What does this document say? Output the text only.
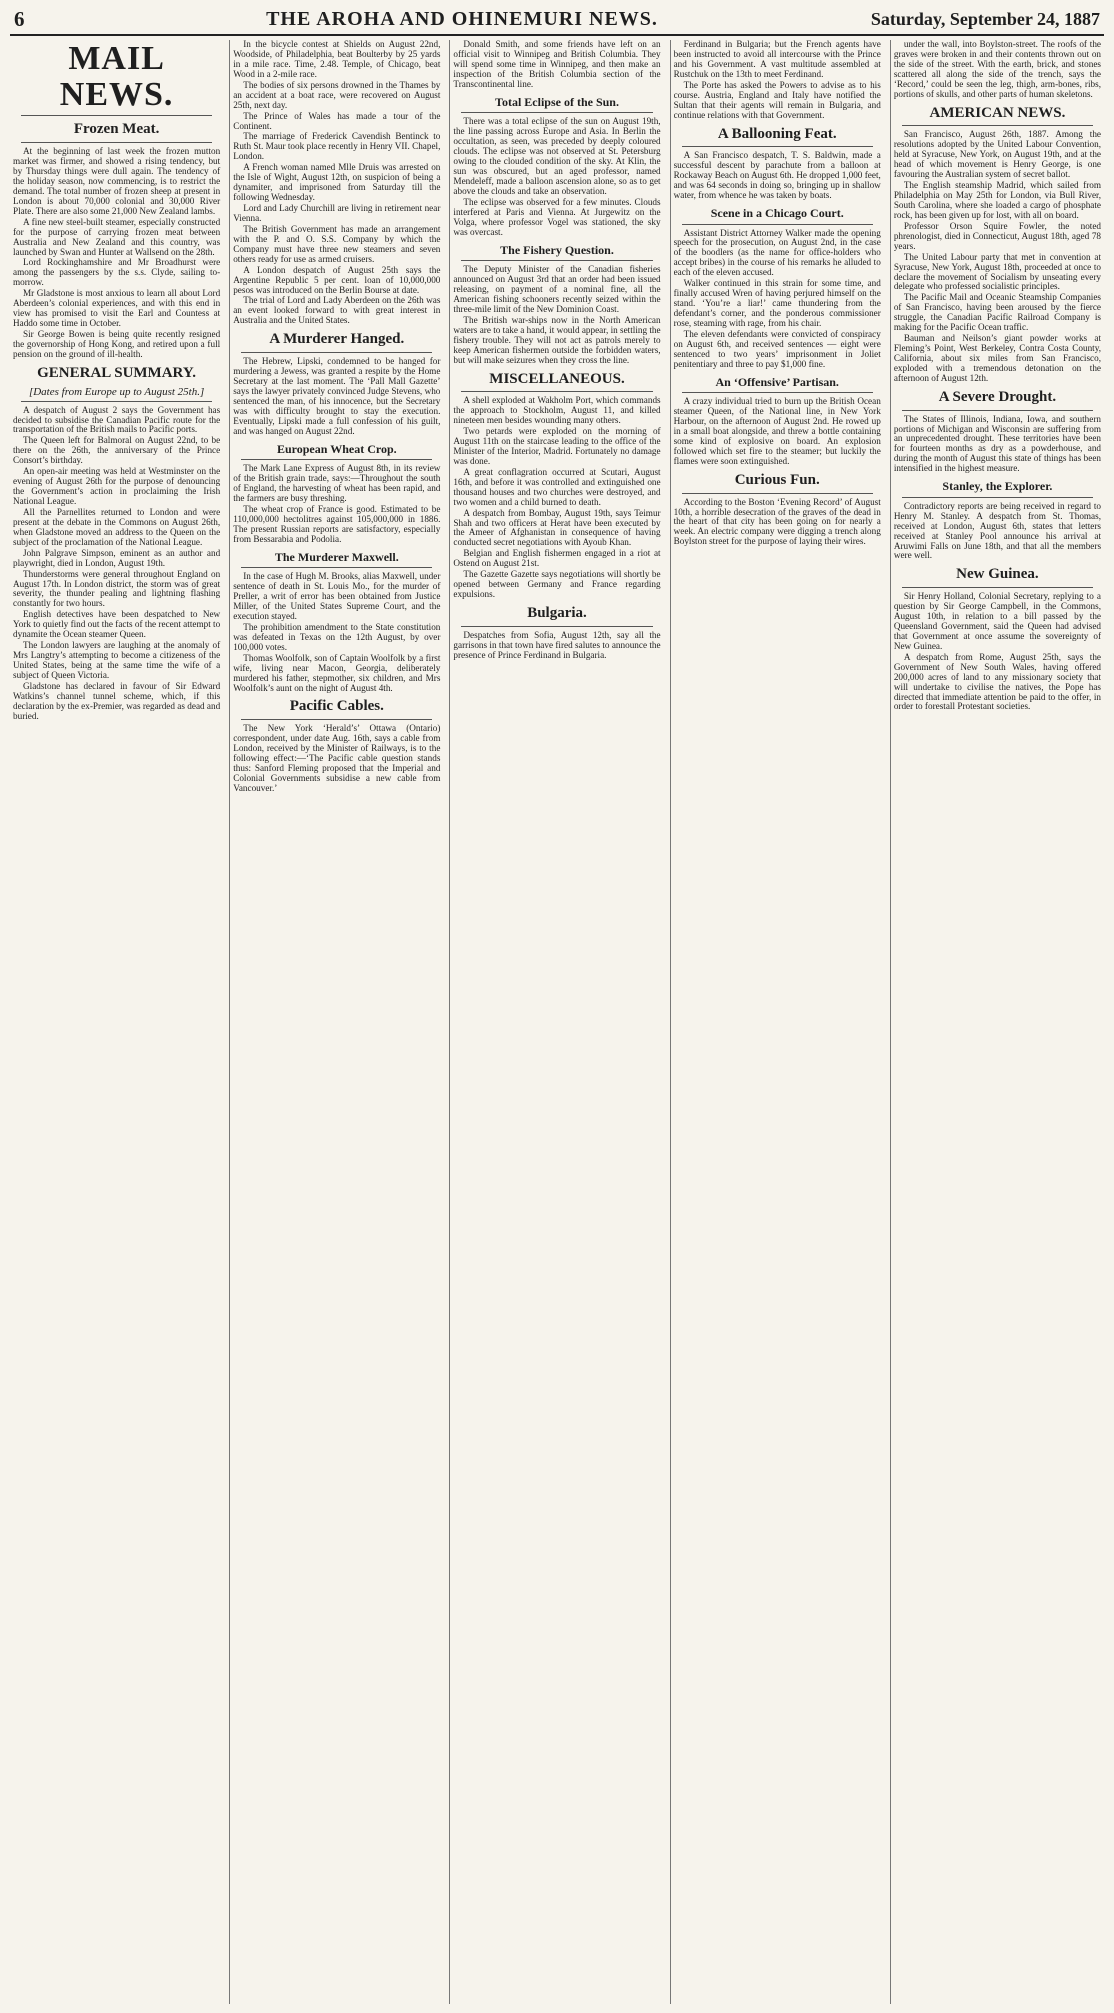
6	THE AROHA AND OHINEMURI NEWS.	Saturday, September 24, 1887
MAIL NEWS.
Frozen Meat.

At the beginning of last week the frozen mutton market was firmer, and showed a rising tendency, but by Thursday things were dull again. The tendency of the holiday season, now commencing, is to restrict the demand. The total number of frozen sheep at present in London is about 70,000 colonial and 30,000 River Plate. There are also some 21,000 New Zealand lambs.

A fine new steel-built steamer, especially constructed for the purpose of carrying frozen meat between Australia and New Zealand and this country, was launched by Swan and Hunter at Wallsend on the 28th.

Lord Rockinghamshire and Mr Broadhurst were among the passengers by the s.s. Clyde, sailing to-morrow.

Mr Gladstone is most anxious to learn all about Lord Aberdeen’s colonial experiences, and with this end in view has promised to visit the Earl and Countess at Haddo some time in October.

Sir George Bowen is being quite recently resigned the governorship of Hong Kong, and retired upon a full pension on the ground of ill-health.

GENERAL SUMMARY.
[Dates from Europe up to August 25th.]

A despatch of August 2 says the Government has decided to subsidise the Canadian Pacific route for the transportation of the British mails to Pacific ports.

The Queen left for Balmoral on August 22nd, to be there on the 26th, the anniversary of the Prince Consort’s birthday.

An open-air meeting was held at Westminster on the evening of August 26th for the purpose of denouncing the Government’s action in proclaiming the Irish National League.

All the Parnellites returned to London and were present at the debate in the Commons on August 26th, when Gladstone moved an address to the Queen on the subject of the proclamation of the National League.

John Palgrave Simpson, eminent as an author and playwright, died in London, August 19th.

Thunderstorms were general throughout England on August 17th. In London district, the storm was of great severity, the thunder pealing and lightning flashing constantly for two hours.

English detectives have been despatched to New York to quietly find out the facts of the recent attempt to dynamite the Ocean steamer Queen.

The London lawyers are laughing at the anomaly of Mrs Langtry’s attempting to become a citizeness of the United States, being at the same time the wife of a subject of Queen Victoria.

Gladstone has declared in favour of Sir Edward Watkins’s channel tunnel scheme, which, if this declaration by the ex-Premier, was regarded as dead and buried.

In the bicycle contest at Shields on August 22nd, Woodside, of Philadelphia, beat Boulterby by 25 yards in a mile race. Time, 2.48. Temple, of Chicago, beat Wood in a 2-mile race.

The bodies of six persons drowned in the Thames by an accident at a boat race, were recovered on August 25th, next day.

The Prince of Wales has made a tour of the Continent.

The marriage of Frederick Cavendish Bentinck to Ruth St. Maur took place recently in Henry VII. Chapel, London.

A French woman named Mlle Druis was arrested on the Isle of Wight, August 12th, on suspicion of being a dynamiter, and imprisoned from Saturday till the following Wednesday.

Lord and Lady Churchill are living in retirement near Vienna.

The British Government has made an arrangement with the P. and O. S.S. Company by which the Company must have three new steamers and seven others ready for use as armed cruisers.

A London despatch of August 25th says the Argentine Republic 5 per cent. loan of 10,000,000 pesos was introduced on the Berlin Bourse at date.

The trial of Lord and Lady Aberdeen on the 26th was an event looked forward to with great interest in Australia and the United States.

A Murderer Hanged.

The Hebrew, Lipski, condemned to be hanged for murdering a Jewess, was granted a respite by the Home Secretary at the last moment. The ‘Pall Mall Gazette’ says the lawyer privately convinced Judge Stevens, who sentenced the man, of his innocence, but the Secretary was with difficulty brought to stay the execution. Eventually, Lipski made a full confession of his guilt, and was hanged on August 22nd.

European Wheat Crop.

The Mark Lane Express of August 8th, in its review of the British grain trade, says:—Throughout the south of England, the harvesting of wheat has been rapid, and the farmers are busy threshing.

The wheat crop of France is good. Estimated to be 110,000,000 hectolitres against 105,000,000 in 1886. The present Russian reports are satisfactory, especially from Bessarabia and Podolia.

The Murderer Maxwell.

In the case of Hugh M. Brooks, alias Maxwell, under sentence of death in St. Louis Mo., for the murder of Preller, a writ of error has been obtained from Justice Miller, of the United States Supreme Court, and the execution stayed.

The prohibition amendment to the State constitution was defeated in Texas on the 12th August, by over 100,000 votes.

Thomas Woolfolk, son of Captain Woolfolk by a first wife, living near Macon, Georgia, deliberately murdered his father, stepmother, six children, and Mrs Woolfolk’s aunt on the night of August 4th.

Pacific Cables.

The New York ‘Herald’s’ Ottawa (Ontario) correspondent, under date Aug. 16th, says a cable from London, received by the Minister of Railways, is to the following effect:—‘The Pacific cable question stands thus: Sanford Fleming proposed that the Imperial and Colonial Governments subsidise a new cable from Vancouver.’

Donald Smith, and some friends have left on an official visit to Winnipeg and British Columbia. They will spend some time in Winnipeg, and then make an inspection of the British Columbia section of the Transcontinental line.

Total Eclipse of the Sun.

There was a total eclipse of the sun on August 19th, the line passing across Europe and Asia. In Berlin the occultation, as seen, was preceded by deeply coloured clouds. The eclipse was not observed at St. Petersburg owing to the clouded condition of the sky. At Klin, the sun was obscured, but an aged professor, named Mendeleff, made a balloon ascension alone, so as to get above the clouds and take an observation.

The eclipse was observed for a few minutes. Clouds interfered at Paris and Vienna. At Jurgewitz on the Volga, where professor Vogel was stationed, the sky was overcast.

The Fishery Question.

The Deputy Minister of the Canadian fisheries announced on August 3rd that an order had been issued releasing, on payment of a nominal fine, all the American fishing schooners recently seized within the three-mile limit of the New Dominion Coast.

The British war-ships now in the North American waters are to take a hand, it would appear, in settling the fishery trouble. They will not act as patrols merely to keep American fishermen outside the forbidden waters, but will make seizures when they cross the line.

MISCELLANEOUS.

A shell exploded at Wakholm Port, which commands the approach to Stockholm, August 11, and killed nineteen men besides wounding many others.

Two petards were exploded on the morning of August 11th on the staircase leading to the office of the Minister of the Interior, Madrid. Fortunately no damage was done.

A great conflagration occurred at Scutari, August 16th, and before it was controlled and extinguished one thousand houses and two churches were destroyed, and two women and a child burned to death.

A despatch from Bombay, August 19th, says Teimur Shah and two officers at Herat have been executed by the Ameer of Afghanistan in consequence of having conducted secret negotiations with Ayoub Khan.

Belgian and English fishermen engaged in a riot at Ostend on August 21st.

The Gazette Gazette says negotiations will shortly be opened between Germany and France regarding expulsions.

Bulgaria.

Despatches from Sofia, August 12th, say all the garrisons in that town have fired salutes to announce the presence of Prince Ferdinand in Bulgaria.

Ferdinand in Bulgaria; but the French agents have been instructed to avoid all intercourse with the Prince and his Government. A vast multitude assembled at Rustchuk on the 13th to meet Ferdinand.

The Porte has asked the Powers to advise as to his course. Austria, England and Italy have notified the Sultan that their agents will remain in Bulgaria, and continue relations with that Government.

A Ballooning Feat.

A San Francisco despatch, T. S. Baldwin, made a successful descent by parachute from a balloon at Rockaway Beach on August 6th. He dropped 1,000 feet, and was 64 seconds in doing so, bringing up in shallow water, from whence he was taken by boats.

Scene in a Chicago Court.

Assistant District Attorney Walker made the opening speech for the prosecution, on August 2nd, in the case of the boodlers (as the name for office-holders who accept bribes) in the course of his remarks he alluded to each of the eleven accused.

Walker continued in this strain for some time, and finally accused Wren of having perjured himself on the stand. ‘You’re a liar!’ came thundering from the defendant’s corner, and the ponderous commissioner rose, steaming with rage, from his chair.

The eleven defendants were convicted of conspiracy on August 6th, and received sentences — eight were sentenced to two years’ imprisonment in Joliet penitentiary and three to pay $1,000 fine.

An ‘Offensive’ Partisan.

A crazy individual tried to burn up the British Ocean steamer Queen, of the National line, in New York Harbour, on the afternoon of August 2nd. He rowed up in a small boat alongside, and threw a bottle containing some kind of explosive on board. An explosion followed which set fire to the steamer; but luckily the flames were soon extinguished.

Curious Fun.

According to the Boston ‘Evening Record’ of August 10th, a horrible desecration of the graves of the dead in the heart of that city has been going on for nearly a week. An electric company were digging a trench along Boylston street for the purpose of laying their wires.

under the wall, into Boylston-street. The roofs of the graves were broken in and their contents thrown out on the side of the street. With the earth, brick, and stones scattered all along the side of the trench, says the ‘Record,’ could be seen the leg, thigh, arm-bones, ribs, portions of skulls, and other parts of human skeletons.

AMERICAN NEWS.

San Francisco, August 26th, 1887. Among the resolutions adopted by the United Labour Convention, held at Syracuse, New York, on August 19th, and at the head of which movement is Henry George, is one favouring the Australian system of secret ballot.

The English steamship Madrid, which sailed from Philadelphia on May 25th for London, via Bull River, South Carolina, where she loaded a cargo of phosphate rock, has been given up for lost, with all on board.

Professor Orson Squire Fowler, the noted phrenologist, died in Connecticut, August 18th, aged 78 years.

The United Labour party that met in convention at Syracuse, New York, August 18th, proceeded at once to declare the movement of Socialism by unseating every delegate who professed socialistic principles.

The Pacific Mail and Oceanic Steamship Companies of San Francisco, having been aroused by the fierce struggle, the Canadian Pacific Railroad Company is making for the Pacific Ocean traffic.

Bauman and Neilson’s giant powder works at Fleming’s Point, West Berkeley, Contra Costa County, California, about six miles from San Francisco, exploded with a tremendous detonation on the afternoon of August 12th.

A Severe Drought.

The States of Illinois, Indiana, Iowa, and southern portions of Michigan and Wisconsin are suffering from an unprecedented drought. These territories have been for fourteen months as dry as a powderhouse, and during the month of August this state of things has been intensified in the highest measure.

Stanley, the Explorer.

Contradictory reports are being received in regard to Henry M. Stanley. A despatch from St. Thomas, received at London, August 6th, states that letters received at Stanley Pool announce his arrival at Aruwimi Falls on June 18th, and that all the members were well.

New Guinea.

Sir Henry Holland, Colonial Secretary, replying to a question by Sir George Campbell, in the Commons, August 10th, in relation to a bill passed by the Queensland Government, said the Queen had advised that Government at once assume the sovereignty of New Guinea.

A despatch from Rome, August 25th, says the Government of New South Wales, having offered 200,000 acres of land to any missionary society that will undertake to civilise the natives, the Pope has directed that immediate attention be paid to the offer, in order to forestall Protestant societies.
